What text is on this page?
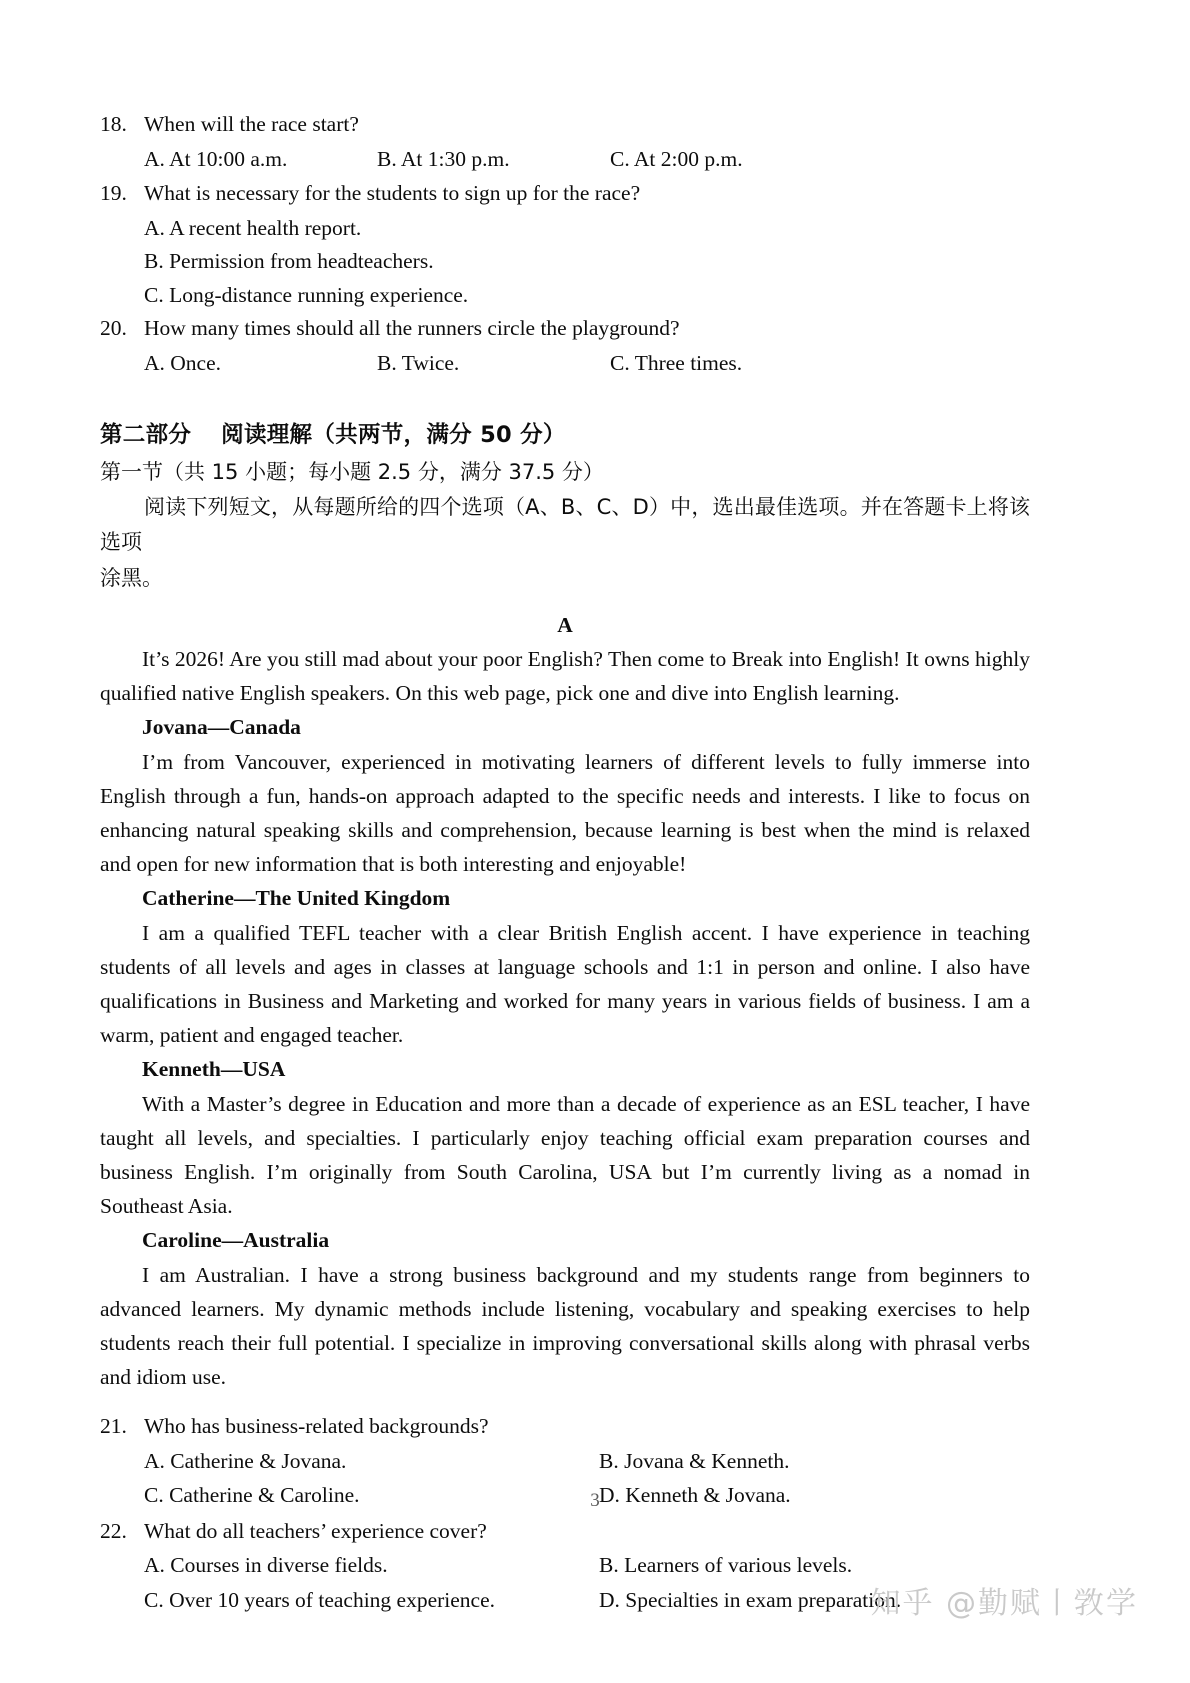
18. When will the race start?
A. At 10:00 a.m.	B. At 1:30 p.m.	C. At 2:00 p.m.
19. What is necessary for the students to sign up for the race?
A. A recent health report.
B. Permission from headteachers.
C. Long-distance running experience.
20. How many times should all the runners circle the playground?
A. Once.	B. Twice.	C. Three times.
第二部分 阅读理解（共两节，满分 50 分）
第一节（共 15 小题；每小题 2.5 分，满分 37.5 分）
阅读下列短文，从每题所给的四个选项（A、B、C、D）中，选出最佳选项。并在答题卡上将该选项
涂黑。
A

It’s 2026! Are you still mad about your poor English? Then come to Break into English! It owns highly qualified native English speakers. On this web page, pick one and dive into English learning.

Jovana—Canada

I’m from Vancouver, experienced in motivating learners of different levels to fully immerse into English through a fun, hands-on approach adapted to the specific needs and interests. I like to focus on enhancing natural speaking skills and comprehension, because learning is best when the mind is relaxed and open for new information that is both interesting and enjoyable!

Catherine—The United Kingdom

I am a qualified TEFL teacher with a clear British English accent. I have experience in teaching students of all levels and ages in classes at language schools and 1:1 in person and online. I also have qualifications in Business and Marketing and worked for many years in various fields of business. I am a warm, patient and engaged teacher.

Kenneth—USA

With a Master’s degree in Education and more than a decade of experience as an ESL teacher, I have taught all levels, and specialties. I particularly enjoy teaching official exam preparation courses and business English. I’m originally from South Carolina, USA but I’m currently living as a nomad in Southeast Asia.

Caroline—Australia

I am Australian. I have a strong business background and my students range from beginners to advanced learners. My dynamic methods include listening, vocabulary and speaking exercises to help students reach their full potential. I specialize in improving conversational skills along with phrasal verbs and idiom use.

21. Who has business-related backgrounds?
A. Catherine & Jovana.	B. Jovana & Kenneth.
C. Catherine & Caroline.	D. Kenneth & Jovana.
22. What do all teachers’ experience cover?
A. Courses in diverse fields.	B. Learners of various levels.
C. Over 10 years of teaching experience.	D. Specialties in exam preparation.
3
知乎 @勤赋丨敩学
